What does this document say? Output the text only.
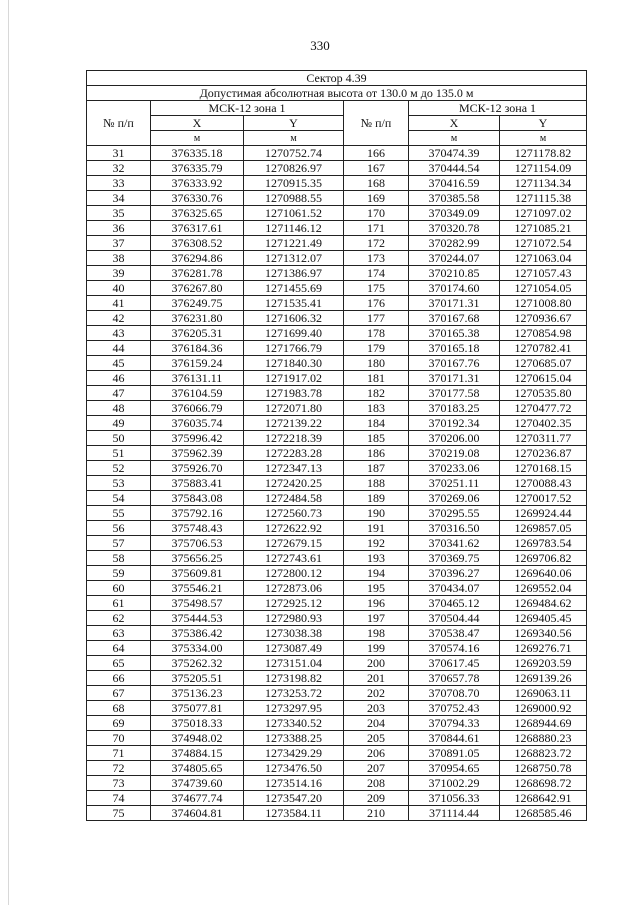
330
Сектор 4.39					
Допустимая абсолютная высота от 130.0 м до 135.0 м					
№ п/п	МСК-12 зона 1		№ п/п	МСК-12 зона 1	
	X	Y		X	Y
	м	м		м	м
31	376335.18	1270752.74	166	370474.39	1271178.82
32	376335.79	1270826.97	167	370444.54	1271154.09
33	376333.92	1270915.35	168	370416.59	1271134.34
34	376330.76	1270988.55	169	370385.58	1271115.38
35	376325.65	1271061.52	170	370349.09	1271097.02
36	376317.61	1271146.12	171	370320.78	1271085.21
37	376308.52	1271221.49	172	370282.99	1271072.54
38	376294.86	1271312.07	173	370244.07	1271063.04
39	376281.78	1271386.97	174	370210.85	1271057.43
40	376267.80	1271455.69	175	370174.60	1271054.05
41	376249.75	1271535.41	176	370171.31	1271008.80
42	376231.80	1271606.32	177	370167.68	1270936.67
43	376205.31	1271699.40	178	370165.38	1270854.98
44	376184.36	1271766.79	179	370165.18	1270782.41
45	376159.24	1271840.30	180	370167.76	1270685.07
46	376131.11	1271917.02	181	370171.31	1270615.04
47	376104.59	1271983.78	182	370177.58	1270535.80
48	376066.79	1272071.80	183	370183.25	1270477.72
49	376035.74	1272139.22	184	370192.34	1270402.35
50	375996.42	1272218.39	185	370206.00	1270311.77
51	375962.39	1272283.28	186	370219.08	1270236.87
52	375926.70	1272347.13	187	370233.06	1270168.15
53	375883.41	1272420.25	188	370251.11	1270088.43
54	375843.08	1272484.58	189	370269.06	1270017.52
55	375792.16	1272560.73	190	370295.55	1269924.44
56	375748.43	1272622.92	191	370316.50	1269857.05
57	375706.53	1272679.15	192	370341.62	1269783.54
58	375656.25	1272743.61	193	370369.75	1269706.82
59	375609.81	1272800.12	194	370396.27	1269640.06
60	375546.21	1272873.06	195	370434.07	1269552.04
61	375498.57	1272925.12	196	370465.12	1269484.62
62	375444.53	1272980.93	197	370504.44	1269405.45
63	375386.42	1273038.38	198	370538.47	1269340.56
64	375334.00	1273087.49	199	370574.16	1269276.71
65	375262.32	1273151.04	200	370617.45	1269203.59
66	375205.51	1273198.82	201	370657.78	1269139.26
67	375136.23	1273253.72	202	370708.70	1269063.11
68	375077.81	1273297.95	203	370752.43	1269000.92
69	375018.33	1273340.52	204	370794.33	1268944.69
70	374948.02	1273388.25	205	370844.61	1268880.23
71	374884.15	1273429.29	206	370891.05	1268823.72
72	374805.65	1273476.50	207	370954.65	1268750.78
73	374739.60	1273514.16	208	371002.29	1268698.72
74	374677.74	1273547.20	209	371056.33	1268642.91
75	374604.81	1273584.11	210	371114.44	1268585.46
